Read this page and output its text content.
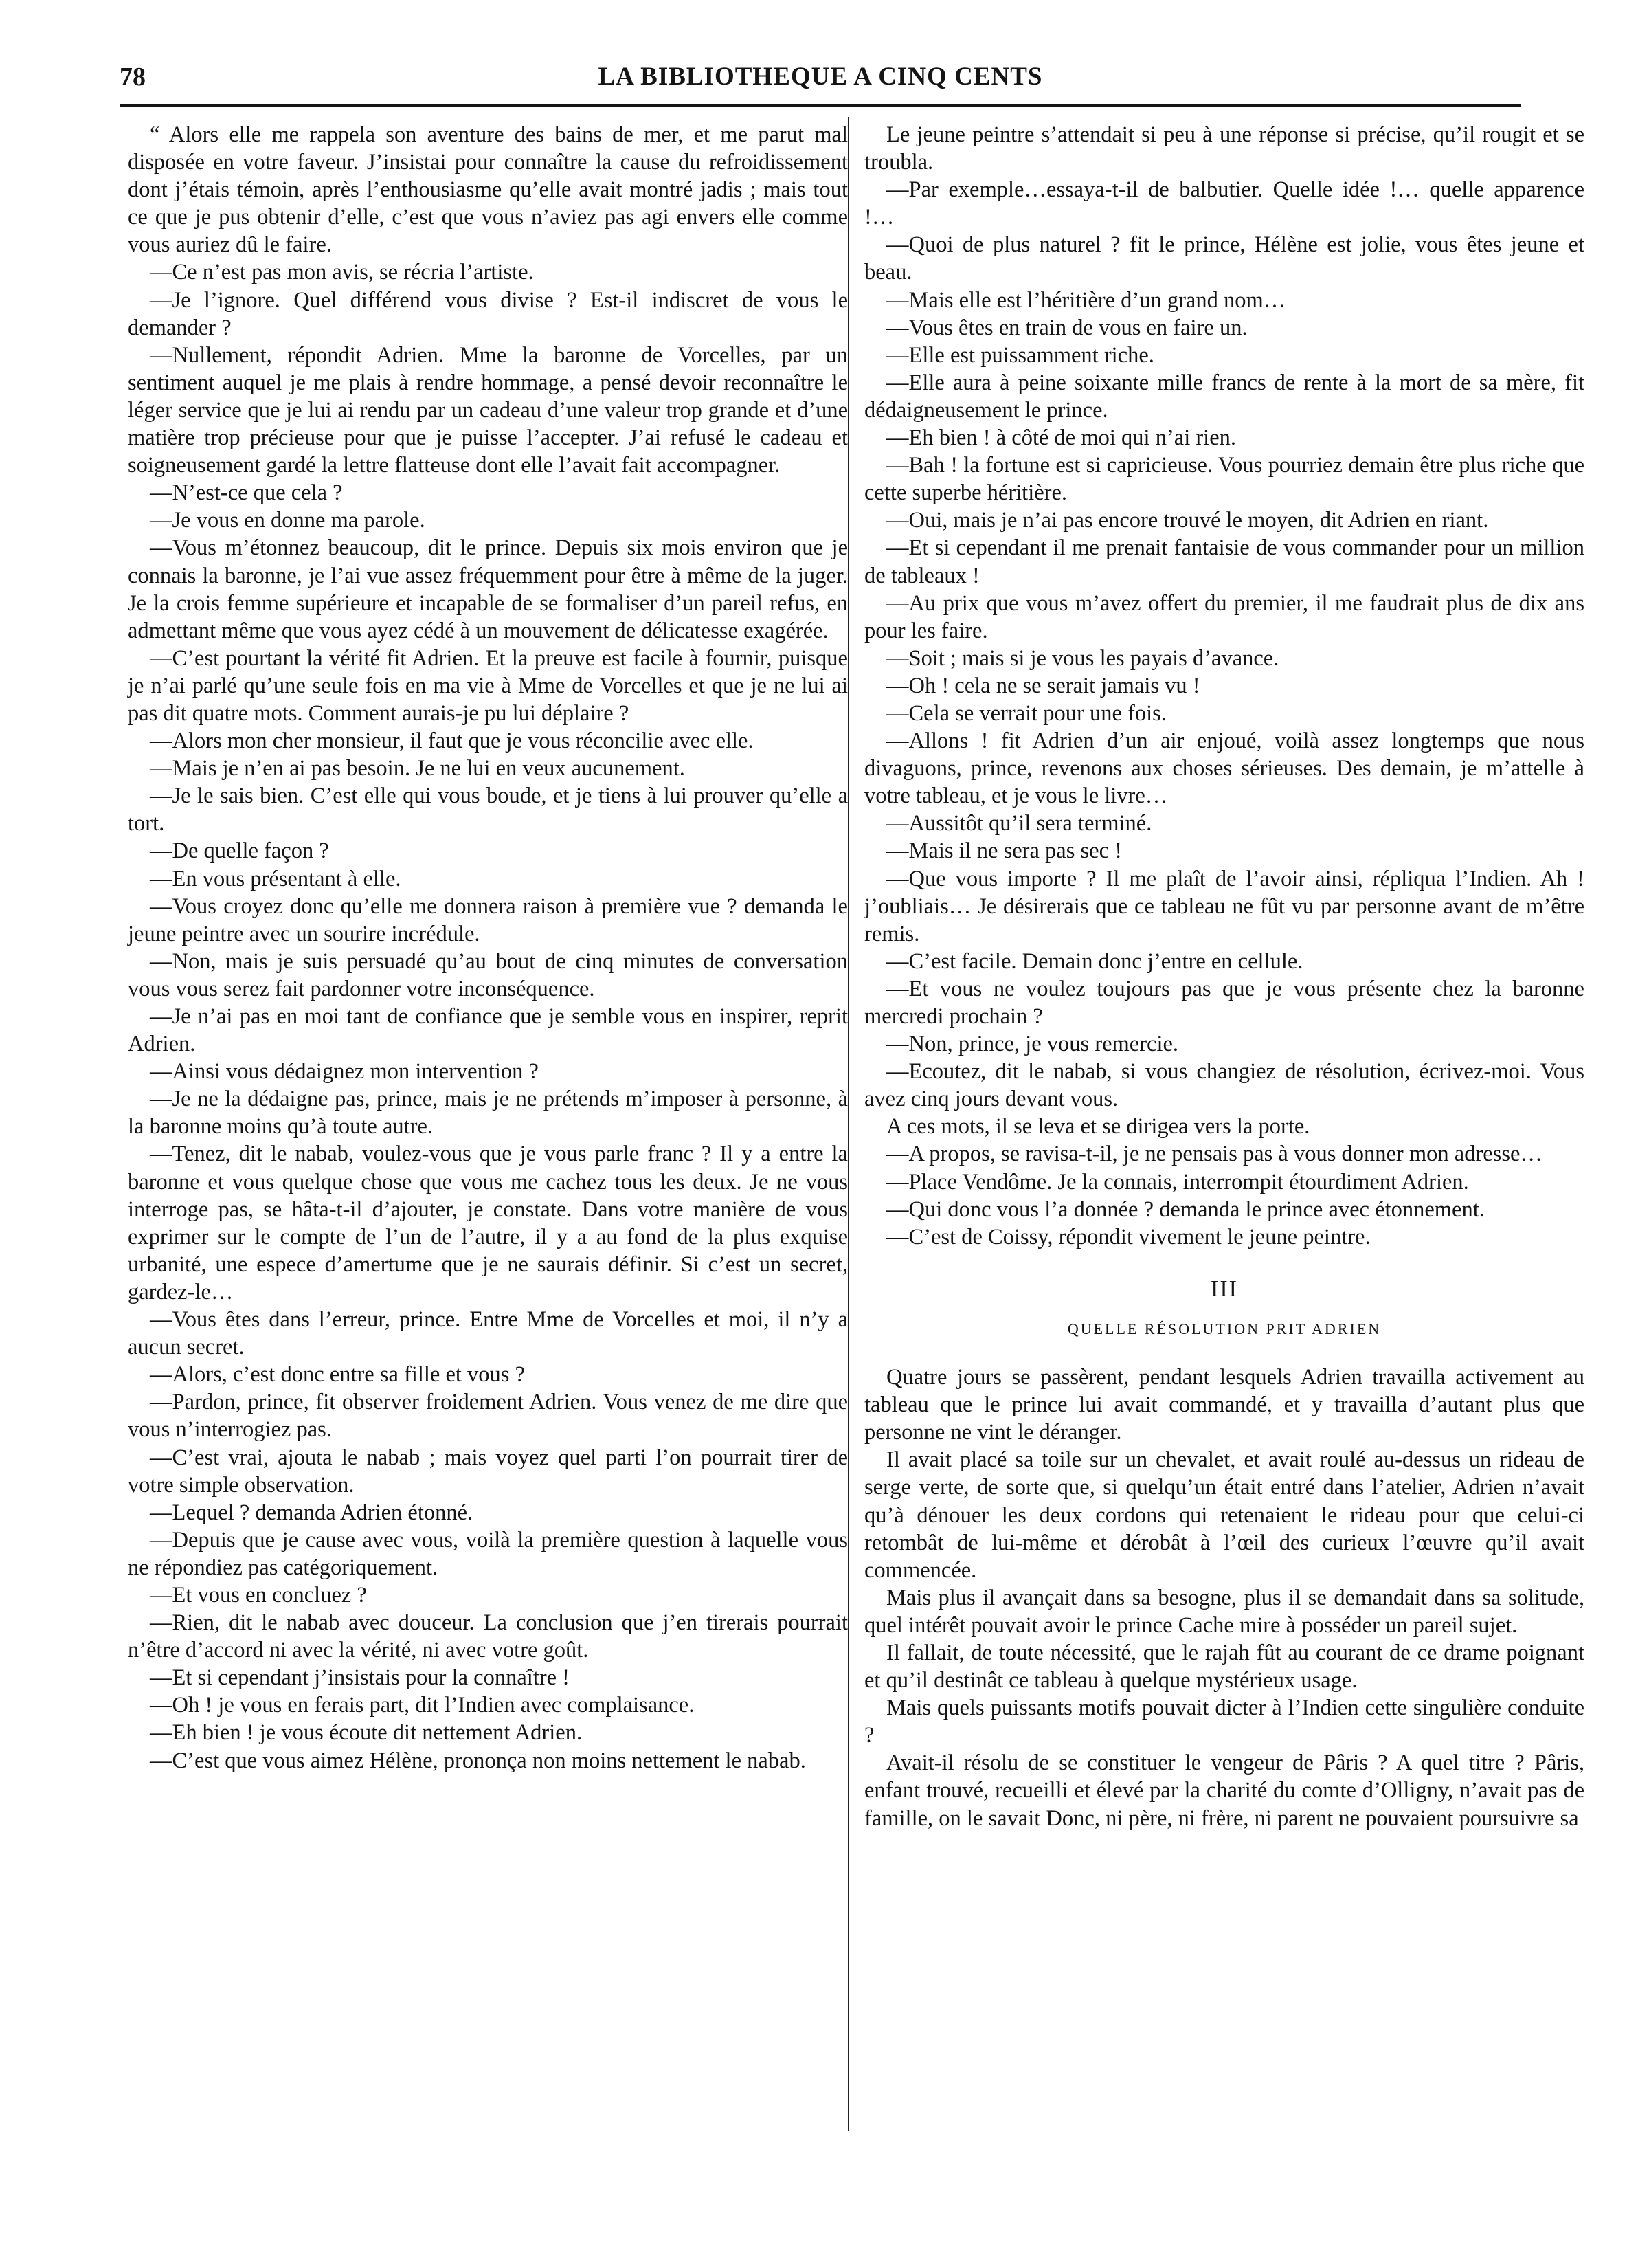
78	LA BIBLIOTHEQUE A CINQ CENTS

“ Alors elle me rappela son aventure des bains de mer, et me parut mal disposée en votre faveur. J’insistai pour connaître la cause du refroidissement dont j’étais témoin, après l’enthousiasme qu’elle avait montré jadis ; mais tout ce que je pus obtenir d’elle, c’est que vous n’aviez pas agi envers elle comme vous auriez dû le faire.

—Ce n’est pas mon avis, se récria l’artiste.

—Je l’ignore. Quel différend vous divise ? Est-il indiscret de vous le demander ?

—Nullement, répondit Adrien. Mme la baronne de Vorcelles, par un sentiment auquel je me plais à rendre hommage, a pensé devoir reconnaître le léger service que je lui ai rendu par un cadeau d’une valeur trop grande et d’une matière trop précieuse pour que je puisse l’accepter. J’ai refusé le cadeau et soigneusement gardé la lettre flatteuse dont elle l’avait fait accompagner.

—N’est-ce que cela ?

—Je vous en donne ma parole.

—Vous m’étonnez beaucoup, dit le prince. Depuis six mois environ que je connais la baronne, je l’ai vue assez fréquemment pour être à même de la juger. Je la crois femme supérieure et incapable de se formaliser d’un pareil refus, en admettant même que vous ayez cédé à un mouvement de délicatesse exagérée.

—C’est pourtant la vérité fit Adrien. Et la preuve est facile à fournir, puisque je n’ai parlé qu’une seule fois en ma vie à Mme de Vorcelles et que je ne lui ai pas dit quatre mots. Comment aurais-je pu lui déplaire ?

—Alors mon cher monsieur, il faut que je vous réconcilie avec elle.

—Mais je n’en ai pas besoin. Je ne lui en veux aucunement.

—Je le sais bien. C’est elle qui vous boude, et je tiens à lui prouver qu’elle a tort.

—De quelle façon ?

—En vous présentant à elle.

—Vous croyez donc qu’elle me donnera raison à première vue ? demanda le jeune peintre avec un sourire incrédule.

—Non, mais je suis persuadé qu’au bout de cinq minutes de conversation vous vous serez fait pardonner votre inconséquence.

—Je n’ai pas en moi tant de confiance que je semble vous en inspirer, reprit Adrien.

—Ainsi vous dédaignez mon intervention ?

—Je ne la dédaigne pas, prince, mais je ne prétends m’imposer à personne, à la baronne moins qu’à toute autre.

—Tenez, dit le nabab, voulez-vous que je vous parle franc ? Il y a entre la baronne et vous quelque chose que vous me cachez tous les deux. Je ne vous interroge pas, se hâta-t-il d’ajouter, je constate. Dans votre manière de vous exprimer sur le compte de l’un de l’autre, il y a au fond de la plus exquise urbanité, une espece d’amertume que je ne saurais définir. Si c’est un secret, gardez-le…

—Vous êtes dans l’erreur, prince. Entre Mme de Vorcelles et moi, il n’y a aucun secret.

—Alors, c’est donc entre sa fille et vous ?

—Pardon, prince, fit observer froidement Adrien. Vous venez de me dire que vous n’interrogiez pas.

—C’est vrai, ajouta le nabab ; mais voyez quel parti l’on pourrait tirer de votre simple observation.

—Lequel ? demanda Adrien étonné.

—Depuis que je cause avec vous, voilà la première question à laquelle vous ne répondiez pas catégoriquement.

—Et vous en concluez ?

—Rien, dit le nabab avec douceur. La conclusion que j’en tirerais pourrait n’être d’accord ni avec la vérité, ni avec votre goût.

—Et si cependant j’insistais pour la connaître !

—Oh ! je vous en ferais part, dit l’Indien avec complaisance.

—Eh bien ! je vous écoute dit nettement Adrien.

—C’est que vous aimez Hélène, prononça non moins nettement le nabab.

Le jeune peintre s’attendait si peu à une réponse si précise, qu’il rougit et se troubla.

—Par exemple…essaya-t-il de balbutier. Quelle idée !… quelle apparence !…

—Quoi de plus naturel ? fit le prince, Hélène est jolie, vous êtes jeune et beau.

—Mais elle est l’héritière d’un grand nom…

—Vous êtes en train de vous en faire un.

—Elle est puissamment riche.

—Elle aura à peine soixante mille francs de rente à la mort de sa mère, fit dédaigneusement le prince.

—Eh bien ! à côté de moi qui n’ai rien.

—Bah ! la fortune est si capricieuse. Vous pourriez demain être plus riche que cette superbe héritière.

—Oui, mais je n’ai pas encore trouvé le moyen, dit Adrien en riant.

—Et si cependant il me prenait fantaisie de vous commander pour un million de tableaux !

—Au prix que vous m’avez offert du premier, il me faudrait plus de dix ans pour les faire.

—Soit ; mais si je vous les payais d’avance.

—Oh ! cela ne se serait jamais vu !

—Cela se verrait pour une fois.

—Allons ! fit Adrien d’un air enjoué, voilà assez longtemps que nous divaguons, prince, revenons aux choses sérieuses. Des demain, je m’attelle à votre tableau, et je vous le livre…

—Aussitôt qu’il sera terminé.

—Mais il ne sera pas sec !

—Que vous importe ? Il me plaît de l’avoir ainsi, répliqua l’Indien. Ah ! j’oubliais… Je désirerais que ce tableau ne fût vu par personne avant de m’être remis.

—C’est facile. Demain donc j’entre en cellule.

—Et vous ne voulez toujours pas que je vous présente chez la baronne mercredi prochain ?

—Non, prince, je vous remercie.

—Ecoutez, dit le nabab, si vous changiez de résolution, écrivez-moi. Vous avez cinq jours devant vous.

A ces mots, il se leva et se dirigea vers la porte.

—A propos, se ravisa-t-il, je ne pensais pas à vous donner mon adresse…

—Place Vendôme. Je la connais, interrompit étourdiment Adrien.

—Qui donc vous l’a donnée ? demanda le prince avec étonnement.

—C’est de Coissy, répondit vivement le jeune peintre.

III
QUELLE RÉSOLUTION PRIT ADRIEN

Quatre jours se passèrent, pendant lesquels Adrien travailla activement au tableau que le prince lui avait commandé, et y travailla d’autant plus que personne ne vint le déranger.

Il avait placé sa toile sur un chevalet, et avait roulé au-dessus un rideau de serge verte, de sorte que, si quelqu’un était entré dans l’atelier, Adrien n’avait qu’à dénouer les deux cordons qui retenaient le rideau pour que celui-ci retombât de lui-même et dérobât à l’œil des curieux l’œuvre qu’il avait commencée.

Mais plus il avançait dans sa besogne, plus il se demandait dans sa solitude, quel intérêt pouvait avoir le prince Cache mire à posséder un pareil sujet.

Il fallait, de toute nécessité, que le rajah fût au courant de ce drame poignant et qu’il destinât ce tableau à quelque mystérieux usage.

Mais quels puissants motifs pouvait dicter à l’Indien cette singulière conduite ?

Avait-il résolu de se constituer le vengeur de Pâris ? A quel titre ? Pâris, enfant trouvé, recueilli et élevé par la charité du comte d’Olligny, n’avait pas de famille, on le savait Donc, ni père, ni frère, ni parent ne pouvaient poursuivre sa
